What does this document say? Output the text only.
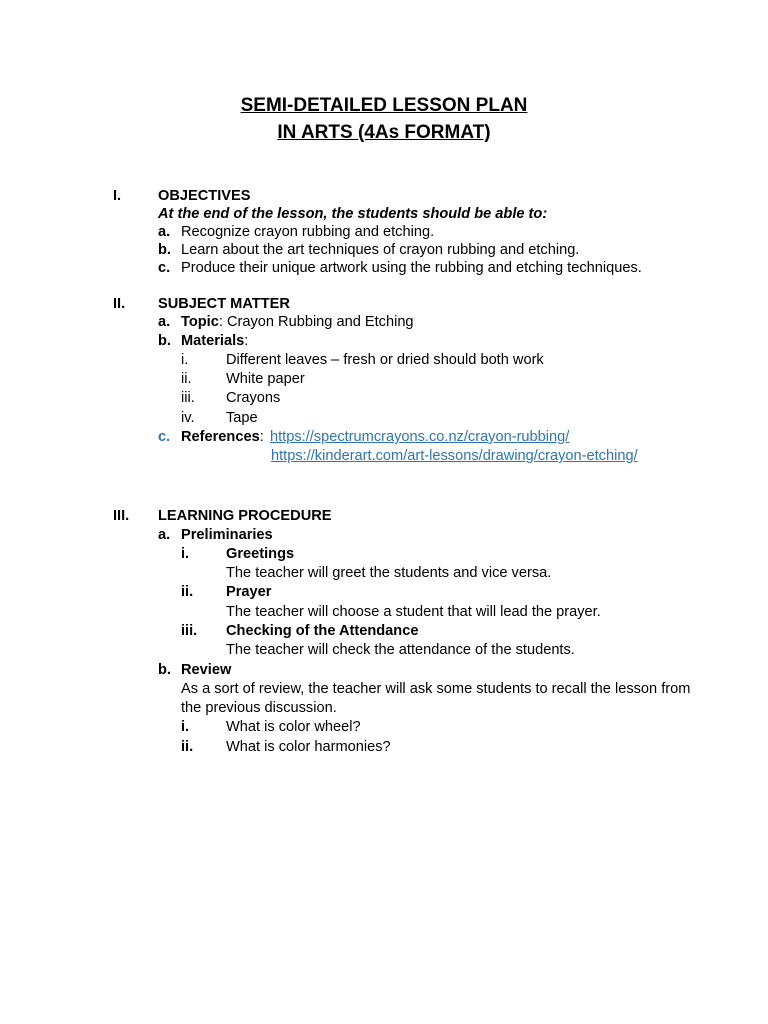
SEMI-DETAILED LESSON PLAN
IN ARTS (4As FORMAT)
I.	OBJECTIVES
At the end of the lesson, the students should be able to:
a. Recognize crayon rubbing and etching.
b. Learn about the art techniques of crayon rubbing and etching.
c. Produce their unique artwork using the rubbing and etching techniques.
II. SUBJECT MATTER
a. Topic: Crayon Rubbing and Etching
b. Materials:
i.	Different leaves – fresh or dried should both work
ii. White paper
iii. Crayons
iv. Tape
c. References: https://spectrumcrayons.co.nz/crayon-rubbing/
https://kinderart.com/art-lessons/drawing/crayon-etching/
III. LEARNING PROCEDURE
a. Preliminaries
i.	Greetings
The teacher will greet the students and vice versa.
ii. Prayer
The teacher will choose a student that will lead the prayer.
iii. Checking of the Attendance
The teacher will check the attendance of the students.
b. Review
As a sort of review, the teacher will ask some students to recall the lesson from the previous discussion.
i.	What is color wheel?
ii. What is color harmonies?
